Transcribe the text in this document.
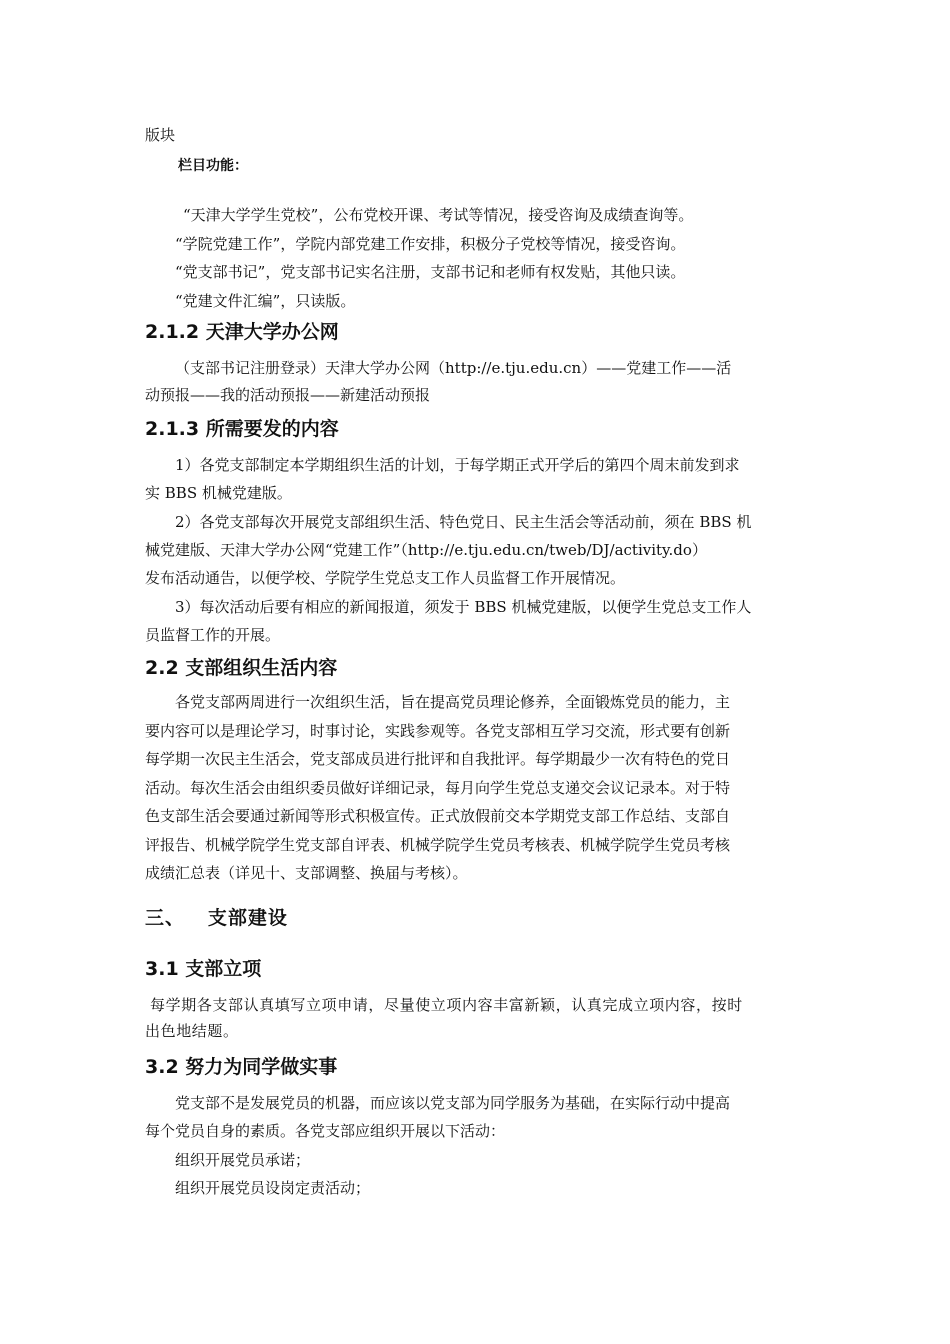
版块
栏目功能：
“天津大学学生党校”，公布党校开课、考试等情况，接受咨询及成绩查询等。
“学院党建工作”，学院内部党建工作安排，积极分子党校等情况，接受咨询。
“党支部书记”，党支部书记实名注册，支部书记和老师有权发贴，其他只读。
“党建文件汇编”，只读版。
2.1.2 天津大学办公网
（支部书记注册登录）天津大学办公网（http://e.tju.edu.cn）——党建工作——活
动预报——我的活动预报——新建活动预报
2.1.3 所需要发的内容
1）各党支部制定本学期组织生活的计划，于每学期正式开学后的第四个周末前发到求
实 BBS 机械党建版。
2）各党支部每次开展党支部组织生活、特色党日、民主生活会等活动前，须在 BBS 机
械党建版、天津大学办公网“党建工作”（http://e.tju.edu.cn/tweb/DJ/activity.do）
发布活动通告，以便学校、学院学生党总支工作人员监督工作开展情况。
3）每次活动后要有相应的新闻报道，须发于 BBS 机械党建版，以便学生党总支工作人
员监督工作的开展。
2.2 支部组织生活内容
各党支部两周进行一次组织生活，旨在提高党员理论修养，全面锻炼党员的能力，主
要内容可以是理论学习，时事讨论，实践参观等。各党支部相互学习交流，形式要有创新
每学期一次民主生活会，党支部成员进行批评和自我批评。每学期最少一次有特色的党日
活动。每次生活会由组织委员做好详细记录，每月向学生党总支递交会议记录本。对于特
色支部生活会要通过新闻等形式积极宣传。正式放假前交本学期党支部工作总结、支部自
评报告、机械学院学生党支部自评表、机械学院学生党员考核表、机械学院学生党员考核
成绩汇总表（详见十、支部调整、换届与考核）。
三、   支部建设
3.1 支部立项
每学期各支部认真填写立项申请，尽量使立项内容丰富新颖，认真完成立项内容，按时
出色地结题。
3.2 努力为同学做实事
党支部不是发展党员的机器，而应该以党支部为同学服务为基础，在实际行动中提高
每个党员自身的素质。各党支部应组织开展以下活动：
组织开展党员承诺；
组织开展党员设岗定责活动；
